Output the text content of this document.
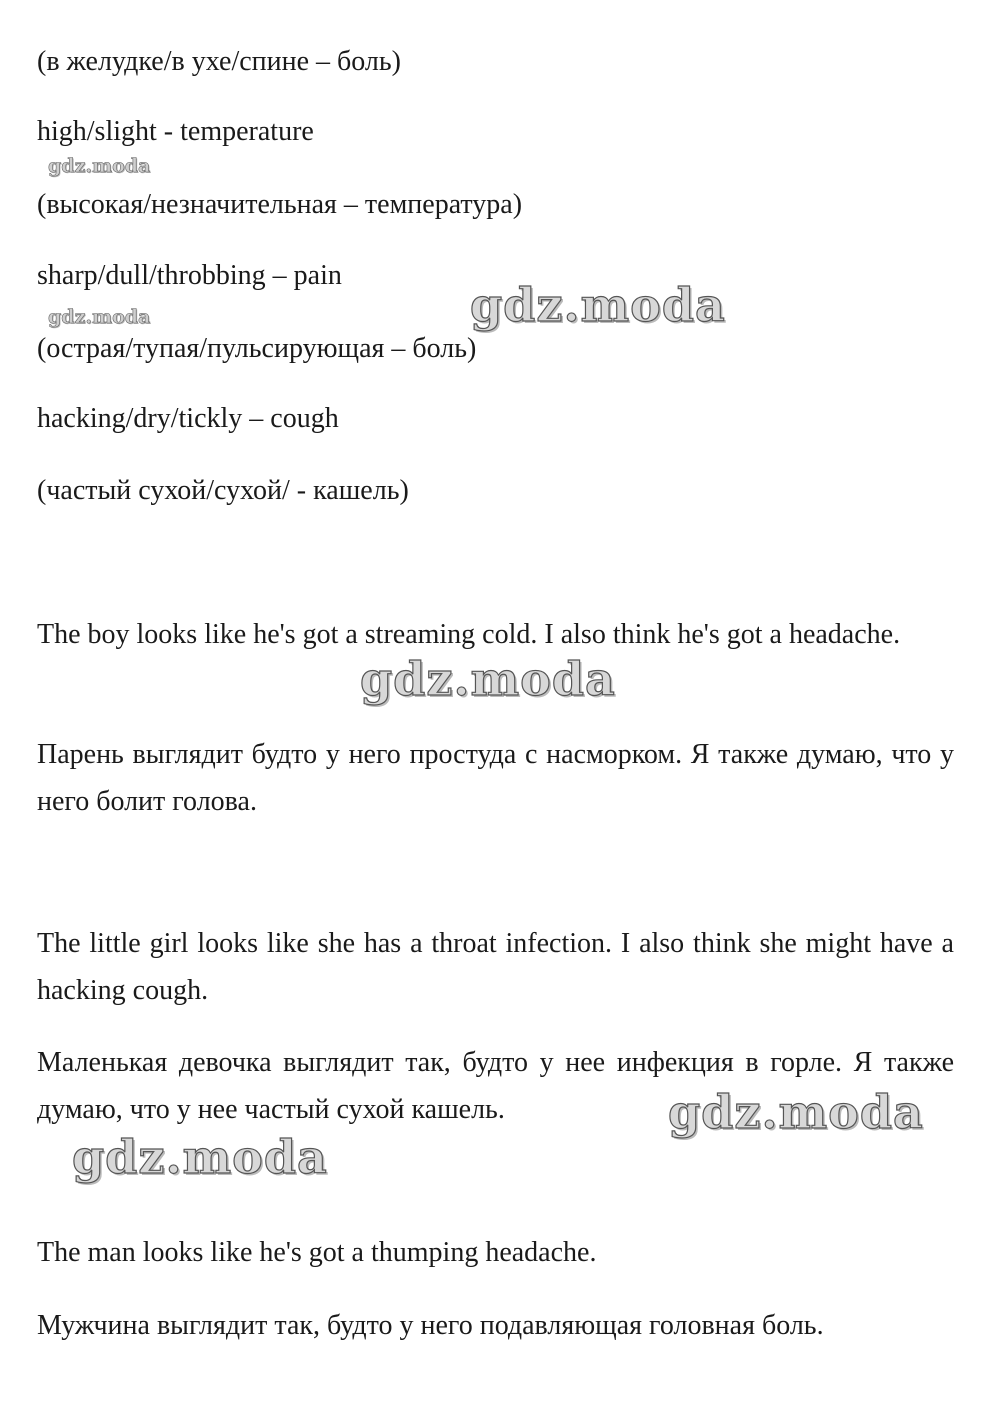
(в желудке/в ухе/спине – боль)
high/slight - temperature
gdz.moda
(высокая/незначительная – температура)
sharp/dull/throbbing – pain
gdz.moda
gdz.moda
(острая/тупая/пульсирующая – боль)
hacking/dry/tickly – cough
(частый сухой/сухой/ - кашель)
The boy looks like he's got a streaming cold. I also think he's got a headache.
gdz.moda
Парень выглядит будто у него простуда с насморком. Я также думаю, что у него болит голова.
The little girl looks like she has a throat infection. I also think she might have a hacking cough.
Маленькая девочка выглядит так, будто у нее инфекция в горле. Я также думаю, что у нее частый сухой кашель.	gdz.moda
gdz.moda
The man looks like he's got a thumping headache.
Мужчина выглядит так, будто у него подавляющая головная боль.
